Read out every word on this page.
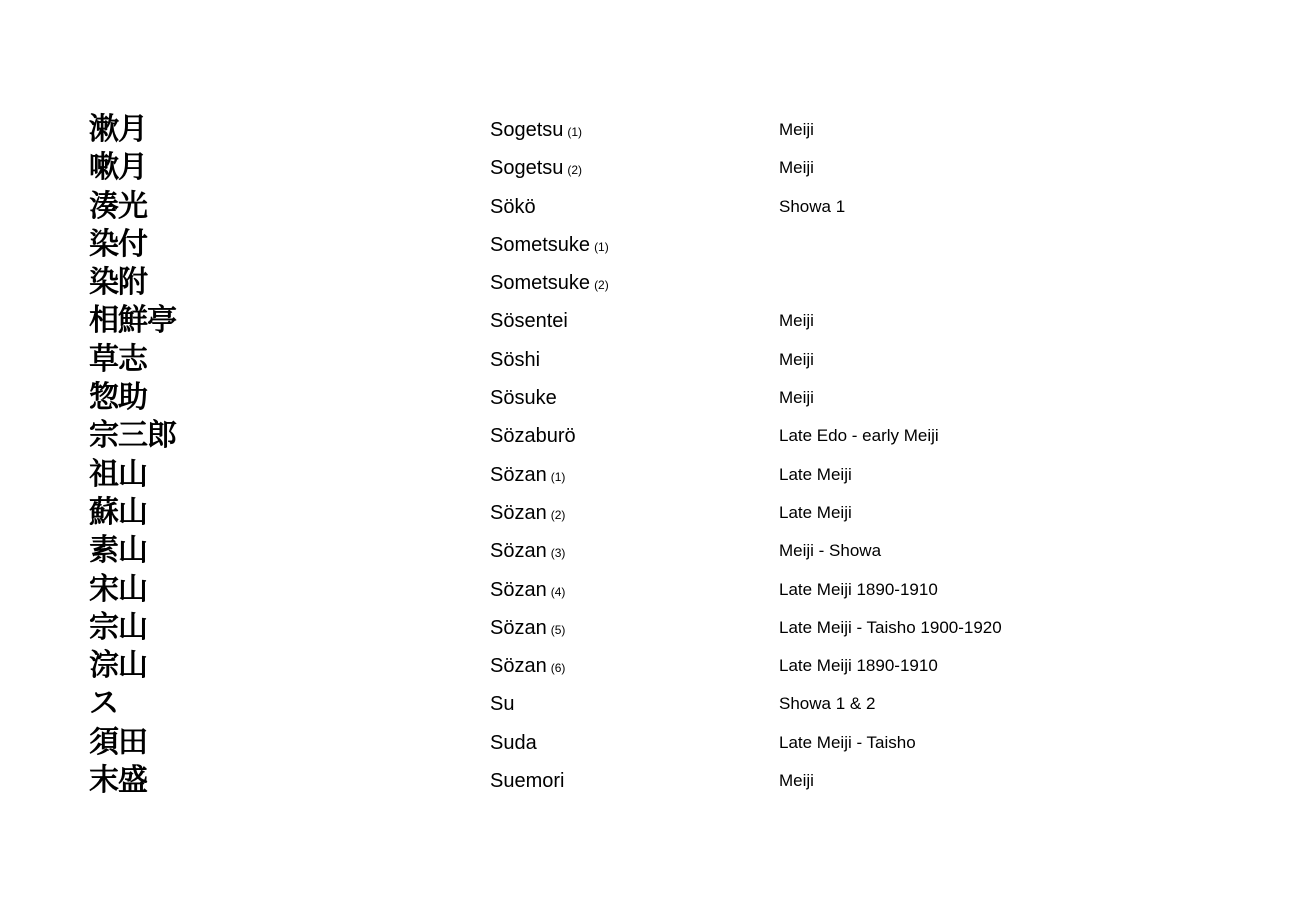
漱月	Sogetsu (1)	Meiji
嗽月	Sogetsu (2)	Meiji
湊光	Sökö	Showa 1
染付	Sometsuke (1)
染附	Sometsuke (2)
相鮮亭	Sösentei	Meiji
草志	Söshi	Meiji
惣助	Sösuke	Meiji
宗三郎	Sözaburö	Late Edo - early Meiji
祖山	Sözan (1)	Late Meiji
蘇山	Sözan (2)	Late Meiji
素山	Sözan (3)	Meiji - Showa
宋山	Sözan (4)	Late Meiji 1890-1910
宗山	Sözan (5)	Late Meiji - Taisho 1900-1920
淙山	Sözan (6)	Late Meiji 1890-1910
ス	Su	Showa 1 & 2
須田	Suda	Late Meiji - Taisho
末盛	Suemori	Meiji
